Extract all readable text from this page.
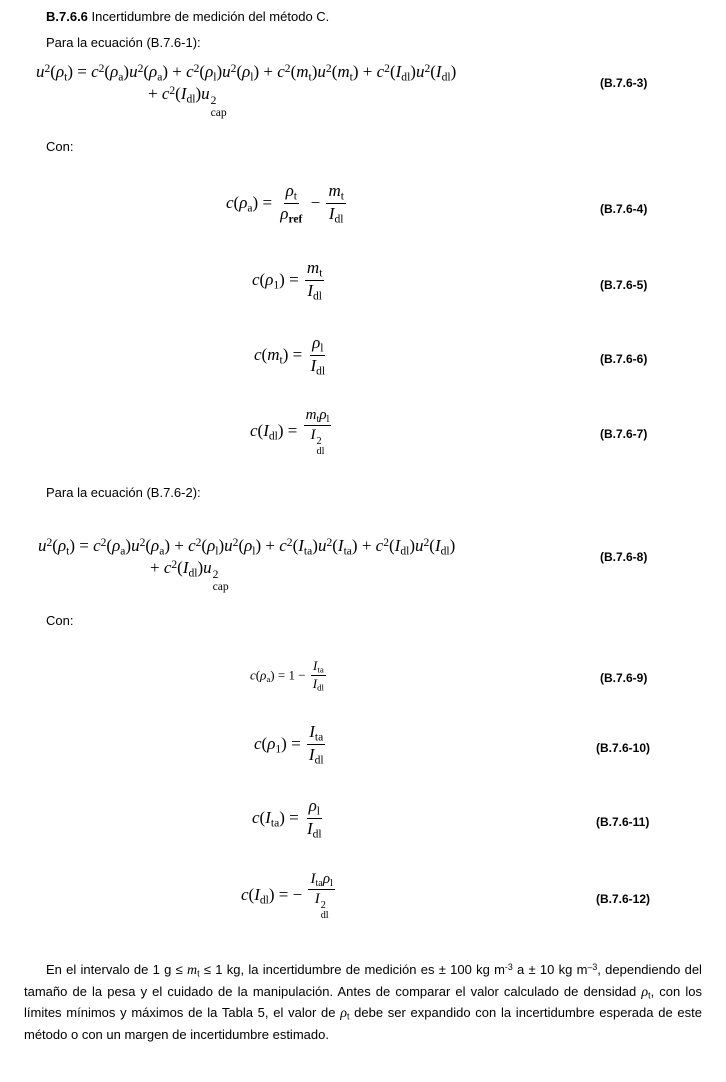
B.7.6.6 Incertidumbre de medición del método C.
Para la ecuación (B.7.6-1):
$u^2(\rho_t) = c^2(\rho_a)u^2(\rho_a) + c^2(\rho_l)u^2(\rho_l) + c^2(m_t)u^2(m_t) + c^2(I_{dl})u^2(I_{dl})$
+ $c^2(I_{dl})u$ 2
cap
(B.7.6-3)
Con:
$c(\rho_a) = \frac{\rho_t}{\rho_{ref}} - \frac{m_t}{I_{dl}}$	(B.7.6-4)
$c(\rho_1) = \frac{m_t}{I_{dl}}$	(B.7.6-5)
$c(m_t) = \frac{\rho_l}{I_{dl}}$	(B.7.6-6)
$c(I_{dl}) = m_t\rho_l$
I 2
dl	(B.7.6-7)
Para la ecuación (B.7.6-2):
$u^2(\rho_t) = c^2(\rho_a)u^2(\rho_a) + c^2(\rho_l)u^2(\rho_l) + c^2(I_{ta})u^2(I_{ta}) + c^2(I_{dl})u^2(I_{dl})$
+ $c^2(I_{dl})u$ 2
cap
(B.7.6-8)
Con:
$c(\rho_a) = 1 - \frac{I_{ta}}{I_{dl}}$	(B.7.6-9)
$c(\rho_1) = \frac{I_{ta}}{I_{dl}}$	(B.7.6-10)
$c(I_{ta}) = \frac{\rho_l}{I_{dl}}$	(B.7.6-11)
$c(I_{dl})$ = − $I_{ta}\rho_l$
I 2
dl	(B.7.6-12)
En el intervalo de 1 $g \le m_t \le 1$ kg, la incertidumbre de medición es ± 100 kg $m^{-3}$ a ± 10 kg $m^{-3}$, dependiendo del tamaño de la pesa y el cuidado de la manipulación. Antes de comparar el valor calculado de densidad $\rho_t$, con los límites mínimos y máximos de la Tabla 5, el valor de $\rho_t$ debe ser expandido con la incertidumbre esperada de este método o con un margen de incertidumbre estimado.
